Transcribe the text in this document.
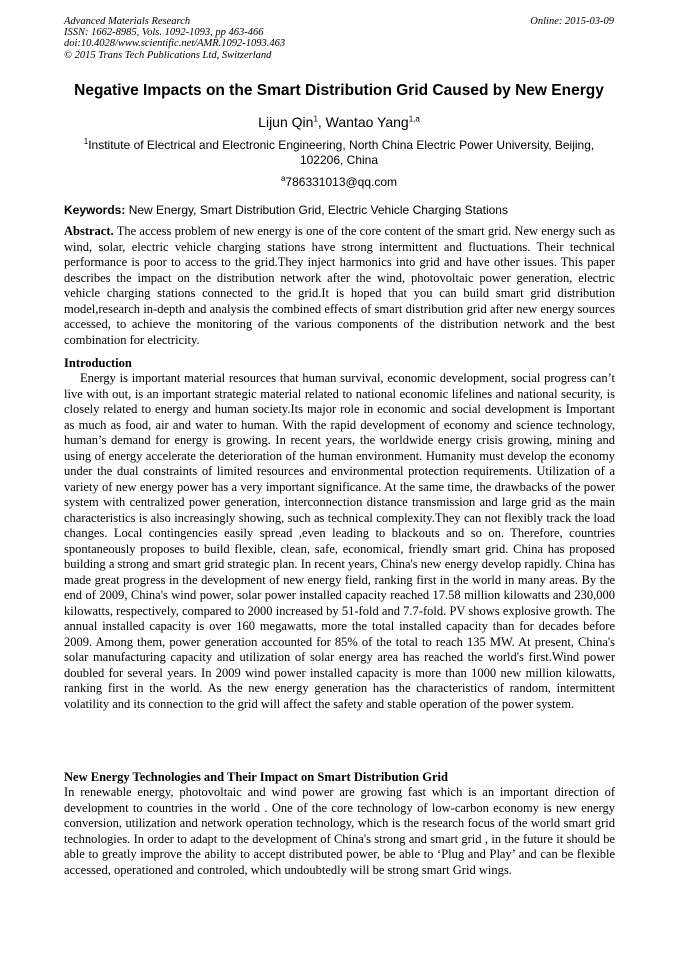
Advanced Materials Research
ISSN: 1662-8985, Vols. 1092-1093, pp 463-466
doi:10.4028/www.scientific.net/AMR.1092-1093.463
© 2015 Trans Tech Publications Ltd, Switzerland
Online: 2015-03-09
Negative Impacts on the Smart Distribution Grid Caused by New Energy
Lijun Qin$^1$, Wantao Yang$^{1,a}$
$^1$Institute of Electrical and Electronic Engineering, North China Electric Power University, Beijing, 102206, China
$^a$786331013@qq.com
Keywords: New Energy, Smart Distribution Grid, Electric Vehicle Charging Stations
Abstract. The access problem of new energy is one of the core content of the smart grid. New energy such as wind, solar, electric vehicle charging stations have strong intermittent and fluctuations. Their technical performance is poor to access to the grid.They inject harmonics into grid and have other issues. This paper describes the impact on the distribution network after the wind, photovoltaic power generation, electric vehicle charging stations connected to the grid.It is hoped that you can build smart grid distribution model,research in-depth and analysis the combined effects of smart distribution grid after new energy sources accessed, to achieve the monitoring of the various components of the distribution network and the best combination for electricity.
Introduction
Energy is important material resources that human survival, economic development, social progress can’t live with out, is an important strategic material related to national economic lifelines and national security, is closely related to energy and human society.Its major role in economic and social development is Important as much as food, air and water to human. With the rapid development of economy and science technology, human’s demand for energy is growing. In recent years, the worldwide energy crisis growing, mining and using of energy accelerate the deterioration of the human environment. Humanity must develop the economy under the dual constraints of limited resources and environmental protection requirements. Utilization of a variety of new energy power has a very important significance. At the same time, the drawbacks of the power system with centralized power generation, interconnection distance transmission and large grid as the main characteristics is also increasingly showing, such as technical complexity.They can not flexibly track the load changes. Local contingencies easily spread ,even leading to blackouts and so on. Therefore, countries spontaneously proposes to build flexible, clean, safe, economical, friendly smart grid. China has proposed building a strong and smart grid strategic plan. In recent years, China's new energy develop rapidly. China has made great progress in the development of new energy field, ranking first in the world in many areas. By the end of 2009, China's wind power, solar power installed capacity reached 17.58 million kilowatts and 230,000 kilowatts, respectively, compared to 2000 increased by 51-fold and 7.7-fold. PV shows explosive growth. The annual installed capacity is over 160 megawatts, more the total installed capacity than for decades before 2009. Among them, power generation accounted for 85% of the total to reach 135 MW. At present, China's solar manufacturing capacity and utilization of solar energy area has reached the world's first.Wind power doubled for several years. In 2009 wind power installed capacity is more than 1000 new million kilowatts, ranking first in the world. As the new energy generation has the characteristics of random, intermittent volatility and its connection to the grid will affect the safety and stable operation of the power system.
New Energy Technologies and Their Impact on Smart Distribution Grid
In renewable energy, photovoltaic and wind power are growing fast which is an important direction of development to countries in the world . One of the core technology of low-carbon economy is new energy conversion, utilization and network operation technology, which is the research focus of the world smart grid technologies. In order to adapt to the development of China's strong and smart grid , in the future it should be able to greatly improve the ability to accept distributed power, be able to ‘Plug and Play’ and can be flexible accessed, operationed and controled, which undoubtedly will be strong smart Grid wings.
